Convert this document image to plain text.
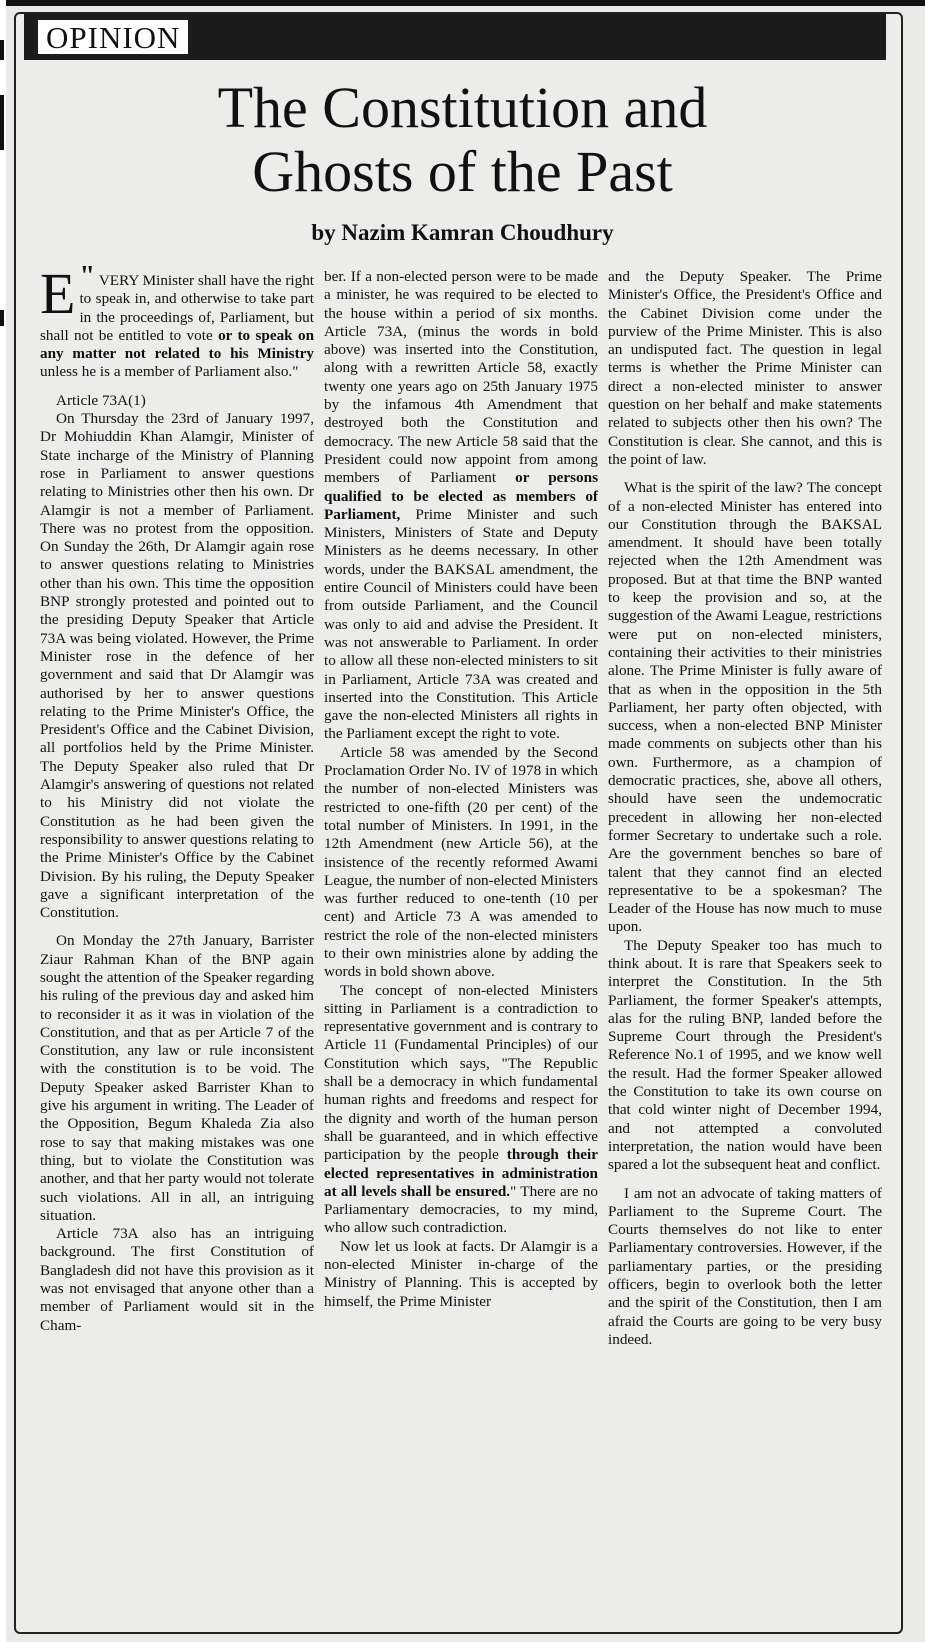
OPINION
The Constitution and
Ghosts of the Past

by Nazim Kamran Choudhury

"
E VERY Minister shall have the right to speak in, and otherwise to take part in the proceedings of, Parliament, but shall not be entitled to vote or to speak on any matter not related to his Ministry unless he is a member of Parliament also."

Article 73A(1)

On Thursday the 23rd of January 1997, Dr Mohiuddin Khan Alamgir, Minister of State incharge of the Ministry of Planning rose in Parliament to answer questions relating to Ministries other then his own. Dr Alamgir is not a member of Parliament. There was no protest from the opposition. On Sunday the 26th, Dr Alamgir again rose to answer questions relating to Ministries other than his own. This time the opposition BNP strongly protested and pointed out to the presiding Deputy Speaker that Article 73A was being violated. However, the Prime Minister rose in the defence of her government and said that Dr Alamgir was authorised by her to answer questions relating to the Prime Minister's Office, the President's Office and the Cabinet Division, all portfolios held by the Prime Minister. The Deputy Speaker also ruled that Dr Alamgir's answering of questions not related to his Ministry did not violate the Constitution as he had been given the responsibility to answer questions relating to the Prime Minister's Office by the Cabinet Division. By his ruling, the Deputy Speaker gave a significant interpretation of the Constitution.

On Monday the 27th January, Barrister Ziaur Rahman Khan of the BNP again sought the attention of the Speaker regarding his ruling of the previous day and asked him to reconsider it as it was in violation of the Constitution, and that as per Article 7 of the Constitution, any law or rule inconsistent with the constitution is to be void. The Deputy Speaker asked Barrister Khan to give his argument in writing. The Leader of the Opposition, Begum Khaleda Zia also rose to say that making mistakes was one thing, but to violate the Constitution was another, and that her party would not tolerate such violations. All in all, an intriguing situation.

Article 73A also has an intriguing background. The first Constitution of Bangladesh did not have this provision as it was not envisaged that anyone other than a member of Parliament would sit in the Cham-

ber. If a non-elected person were to be made a minister, he was required to be elected to the house within a period of six months. Article 73A, (minus the words in bold above) was inserted into the Constitution, along with a rewritten Article 58, exactly twenty one years ago on 25th January 1975 by the infamous 4th Amendment that destroyed both the Constitution and democracy. The new Article 58 said that the President could now appoint from among members of Parliament or persons qualified to be elected as members of Parliament, Prime Minister and such Ministers, Ministers of State and Deputy Ministers as he deems necessary. In other words, under the BAKSAL amendment, the entire Council of Ministers could have been from outside Parliament, and the Council was only to aid and advise the President. It was not answerable to Parliament. In order to allow all these non-elected ministers to sit in Parliament, Article 73A was created and inserted into the Constitution. This Article gave the non-elected Ministers all rights in the Parliament except the right to vote.

Article 58 was amended by the Second Proclamation Order No. IV of 1978 in which the number of non-elected Ministers was restricted to one-fifth (20 per cent) of the total number of Ministers. In 1991, in the 12th Amendment (new Article 56), at the insistence of the recently reformed Awami League, the number of non-elected Ministers was further reduced to one-tenth (10 per cent) and Article 73 A was amended to restrict the role of the non-elected ministers to their own ministries alone by adding the words in bold shown above.

The concept of non-elected Ministers sitting in Parliament is a contradiction to representative government and is contrary to Article 11 (Fundamental Principles) of our Constitution which says, "The Republic shall be a democracy in which fundamental human rights and freedoms and respect for the dignity and worth of the human person shall be guaranteed, and in which effective participation by the people through their elected representatives in administration at all levels shall be ensured." There are no Parliamentary democracies, to my mind, who allow such contradiction.

Now let us look at facts. Dr Alamgir is a non-elected Minister in-charge of the Ministry of Planning. This is accepted by himself, the Prime Minister

and the Deputy Speaker. The Prime Minister's Office, the President's Office and the Cabinet Division come under the purview of the Prime Minister. This is also an undisputed fact. The question in legal terms is whether the Prime Minister can direct a non-elected minister to answer question on her behalf and make statements related to subjects other then his own? The Constitution is clear. She cannot, and this is the point of law.

What is the spirit of the law? The concept of a non-elected Minister has entered into our Constitution through the BAKSAL amendment. It should have been totally rejected when the 12th Amendment was proposed. But at that time the BNP wanted to keep the provision and so, at the suggestion of the Awami League, restrictions were put on non-elected ministers, containing their activities to their ministries alone. The Prime Minister is fully aware of that as when in the opposition in the 5th Parliament, her party often objected, with success, when a non-elected BNP Minister made comments on subjects other than his own. Furthermore, as a champion of democratic practices, she, above all others, should have seen the undemocratic precedent in allowing her non-elected former Secretary to undertake such a role. Are the government benches so bare of talent that they cannot find an elected representative to be a spokesman? The Leader of the House has now much to muse upon.

The Deputy Speaker too has much to think about. It is rare that Speakers seek to interpret the Constitution. In the 5th Parliament, the former Speaker's attempts, alas for the ruling BNP, landed before the Supreme Court through the President's Reference No.1 of 1995, and we know well the result. Had the former Speaker allowed the Constitution to take its own course on that cold winter night of December 1994, and not attempted a convoluted interpretation, the nation would have been spared a lot the subsequent heat and conflict.

I am not an advocate of taking matters of Parliament to the Supreme Court. The Courts themselves do not like to enter Parliamentary controversies. However, if the parliamentary parties, or the presiding officers, begin to overlook both the letter and the spirit of the Constitution, then I am afraid the Courts are going to be very busy indeed.
